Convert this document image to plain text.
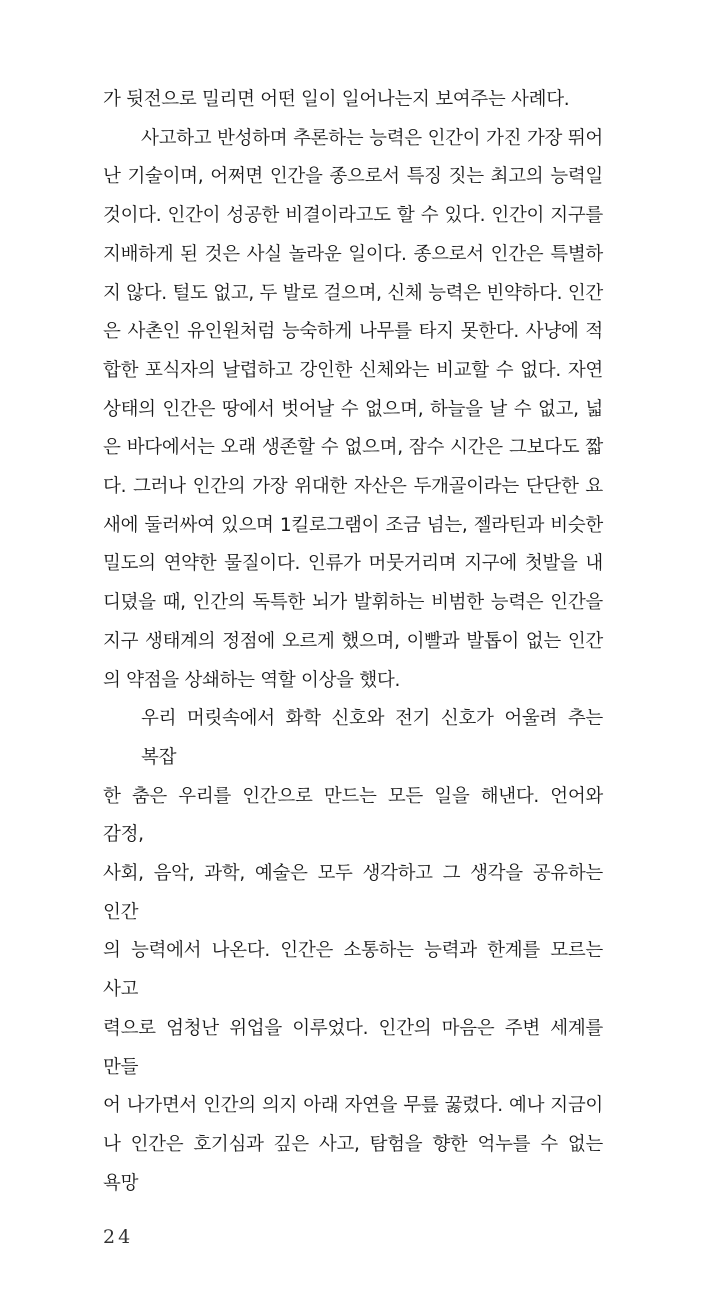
가 뒷전으로 밀리면 어떤 일이 일어나는지 보여주는 사례다.
사고하고 반성하며 추론하는 능력은 인간이 가진 가장 뛰어
난 기술이며, 어쩌면 인간을 종으로서 특징 짓는 최고의 능력일
것이다. 인간이 성공한 비결이라고도 할 수 있다. 인간이 지구를
지배하게 된 것은 사실 놀라운 일이다. 종으로서 인간은 특별하
지 않다. 털도 없고, 두 발로 걸으며, 신체 능력은 빈약하다. 인간
은 사촌인 유인원처럼 능숙하게 나무를 타지 못한다. 사냥에 적
합한 포식자의 날렵하고 강인한 신체와는 비교할 수 없다. 자연
상태의 인간은 땅에서 벗어날 수 없으며, 하늘을 날 수 없고, 넓
은 바다에서는 오래 생존할 수 없으며, 잠수 시간은 그보다도 짧
다. 그러나 인간의 가장 위대한 자산은 두개골이라는 단단한 요
새에 둘러싸여 있으며 1킬로그램이 조금 넘는, 젤라틴과 비슷한
밀도의 연약한 물질이다. 인류가 머뭇거리며 지구에 첫발을 내
디뎠을 때, 인간의 독특한 뇌가 발휘하는 비범한 능력은 인간을
지구 생태계의 정점에 오르게 했으며, 이빨과 발톱이 없는 인간
의 약점을 상쇄하는 역할 이상을 했다.
우리 머릿속에서 화학 신호와 전기 신호가 어울려 추는 복잡
한 춤은 우리를 인간으로 만드는 모든 일을 해낸다. 언어와 감정,
사회, 음악, 과학, 예술은 모두 생각하고 그 생각을 공유하는 인간
의 능력에서 나온다. 인간은 소통하는 능력과 한계를 모르는 사고
력으로 엄청난 위업을 이루었다. 인간의 마음은 주변 세계를 만들
어 나가면서 인간의 의지 아래 자연을 무릎 꿇렸다. 예나 지금이
나 인간은 호기심과 깊은 사고, 탐험을 향한 억누를 수 없는 욕망
24
